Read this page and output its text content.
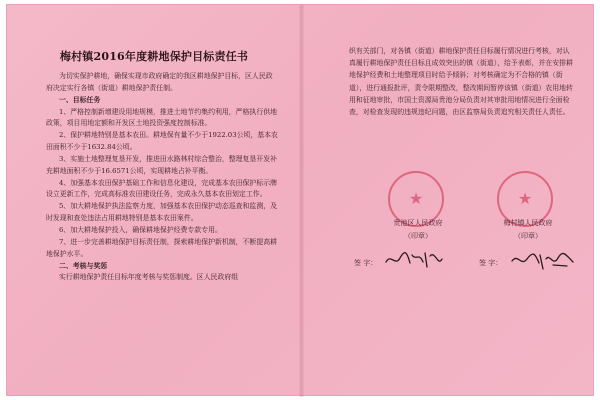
梅村镇2016年度耕地保护目标责任书

为切实保护耕地，确保实现市政府确定的我区耕地保护目标，区人民政府决定实行各镇（街道）耕地保护责任制。

一、目标任务

1、严格控制新增建设用地规模，推进土地节约集约利用，严格执行供地政策，项目用地定额和开发区土地投资强度控制标准。

2、保护耕地特别是基本农田。耕地保有量不少于1922.03公顷，基本农田面积不少于1632.84公顷。

3、实施土地整理复垦开发，推进田水路林村综合整治，整理复垦开发补充耕地面积不少于16.6571公顷，实现耕地占补平衡。

4、加强基本农田保护基础工作和信息化建设，完成基本农田保护标示牌设立更新工作，完成高标准农田建设任务，完成永久基本农田划定工作。

5、加大耕地保护执法监察力度，加强基本农田保护动态巡查和监测，及时发现和查处违法占用耕地特别是基本农田案件。

6、加大耕地保护投入，确保耕地保护经费专款专用。

7、进一步完善耕地保护目标责任制，探索耕地保护新机制，不断提高耕地保护水平。

二、考核与奖惩

实行耕地保护责任目标年度考核与奖惩制度。区人民政府组

织有关部门，对各镇（街道）耕地保护责任目标履行情况进行考核，对认真履行耕地保护责任目标且成效突出的镇（街道），给予表彰，并在安排耕地保护经费和土地整理项目时给予倾斜；对考核确定为不合格的镇（街道），进行通报批评，责令限期整改，整改期间暂停该镇（街道）农用地转用和征地审批，市国土资源局贵池分局负责对其审批用地情况进行全面检查，对检查发现的违规违纪问题，由区监察局负责追究相关责任人责任。

★	★
贵池区人民政府	梅村镇人民政府
（印章）	（印章）
签 字：	签 字：
